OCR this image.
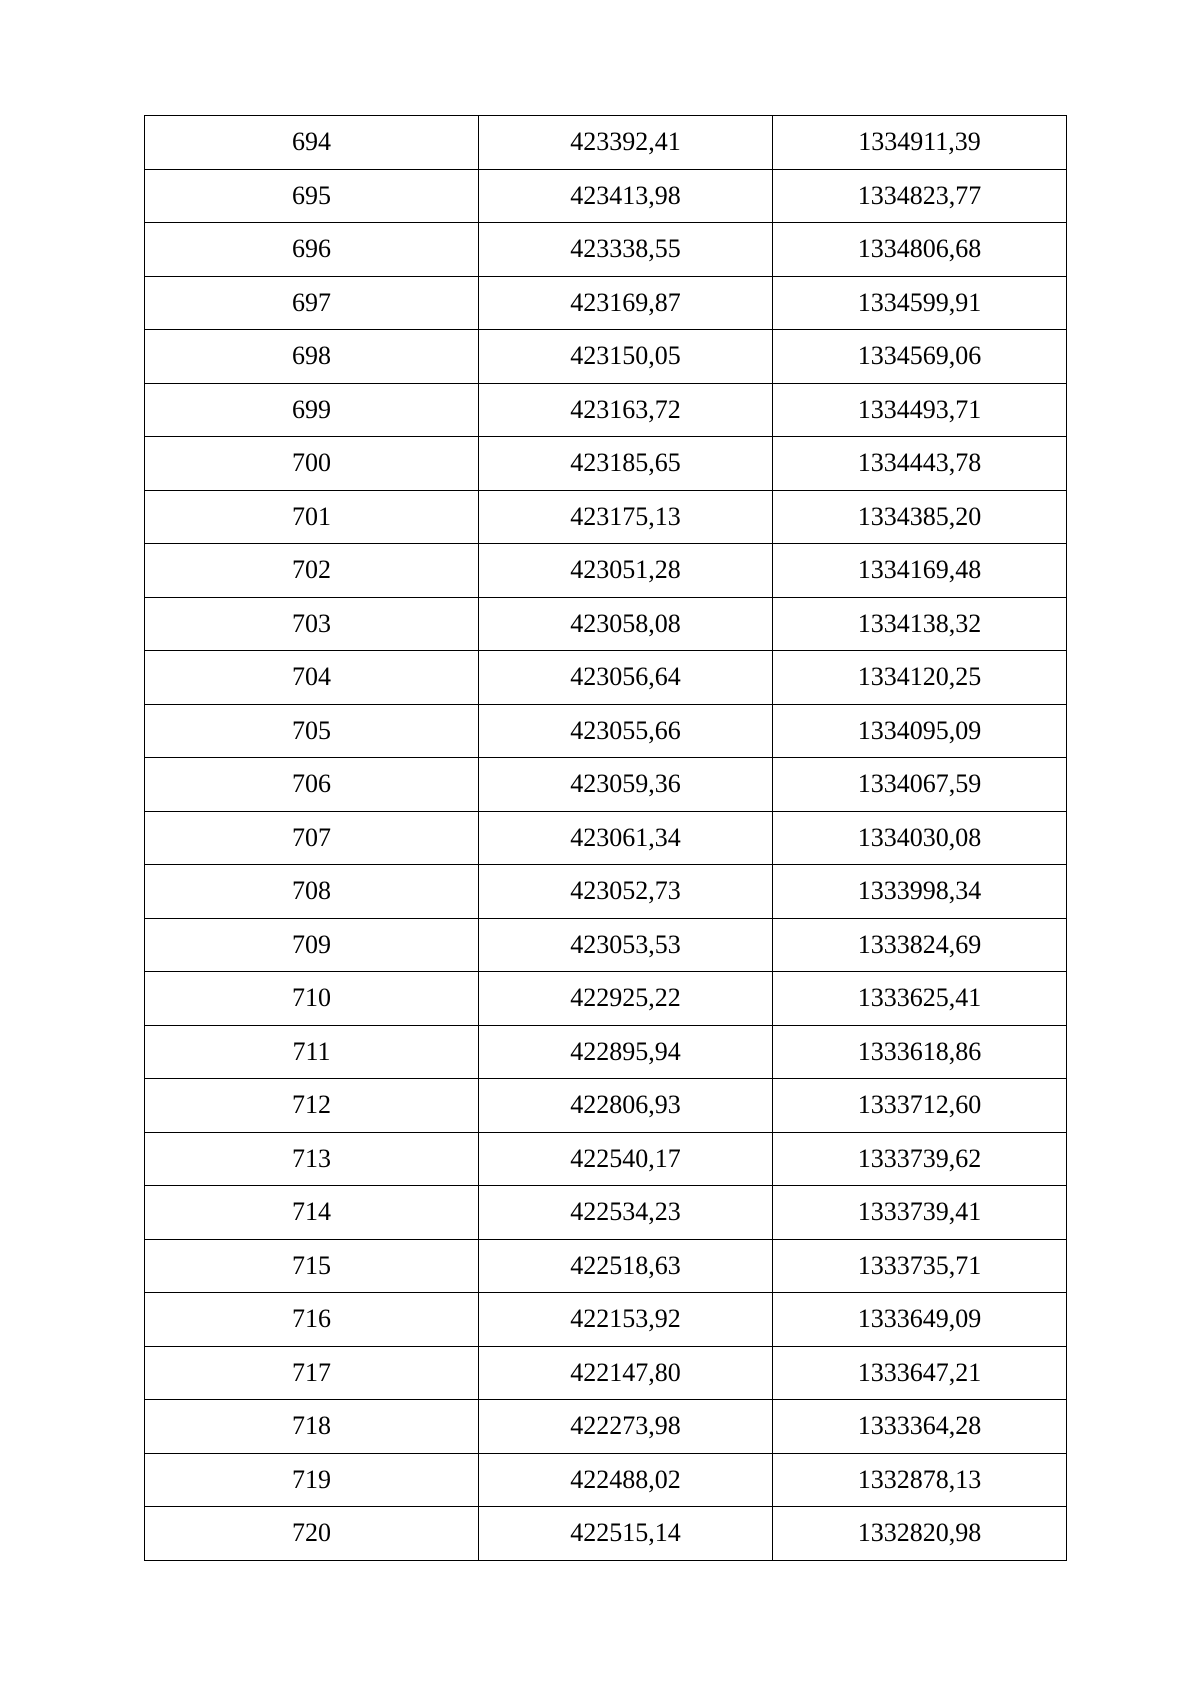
694	423392,41	1334911,39
695	423413,98	1334823,77
696	423338,55	1334806,68
697	423169,87	1334599,91
698	423150,05	1334569,06
699	423163,72	1334493,71
700	423185,65	1334443,78
701	423175,13	1334385,20
702	423051,28	1334169,48
703	423058,08	1334138,32
704	423056,64	1334120,25
705	423055,66	1334095,09
706	423059,36	1334067,59
707	423061,34	1334030,08
708	423052,73	1333998,34
709	423053,53	1333824,69
710	422925,22	1333625,41
711	422895,94	1333618,86
712	422806,93	1333712,60
713	422540,17	1333739,62
714	422534,23	1333739,41
715	422518,63	1333735,71
716	422153,92	1333649,09
717	422147,80	1333647,21
718	422273,98	1333364,28
719	422488,02	1332878,13
720	422515,14	1332820,98
